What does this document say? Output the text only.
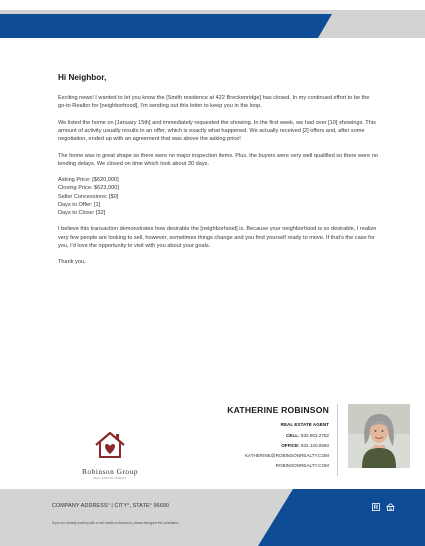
Hi Neighbor,

Exciting news! I wanted to let you know the [Smith residence at 422 Breckenridge] has closed. In my continued effort to be the go-to Realtor for [neighborhood], I'm sending out this letter to keep you in the loop.

We listed the home on [January 15th] and immediately requested the showing. In the first week, we had over [10] showings. This amount of activity usually results in an offer, which is exactly what happened. We actually received [2] offers and, after some negotiation, ended up with an agreement that was above the asking price!

The home was in great shape so there were no major inspection items. Plus, the buyers were very well qualified so there were no lending delays. We closed on time which took about 30 days.

Asking Price: [$620,000]
Closing Price: $623,000]
Seller Concessions: [$0]
Days to Offer: [1]
Days to Close: [32]

I believe this transaction demonstrates how desirable the [neighborhood] is. Because your neighborhood is so desirable, I realize very few people are looking to sell, however, sometimes things change and you find yourself ready to move. If that's the case for you, I'd love the opportunity to visit with you about your goals.

Thank you,

Robinson Group
REAL ESTATE AGENCY
KATHERINE ROBINSON
REAL ESTATE AGENT
CELL: 832.903.2752
OFFICE: 832.120.0593
KATHERINE@ROBINSONREALTY.COM
ROBINSONREALTY.COM
COMPANY ADDRESS° | CITY°, STATE° 96690
If you are already working with a real estate professional, please disregard this solicitation.
